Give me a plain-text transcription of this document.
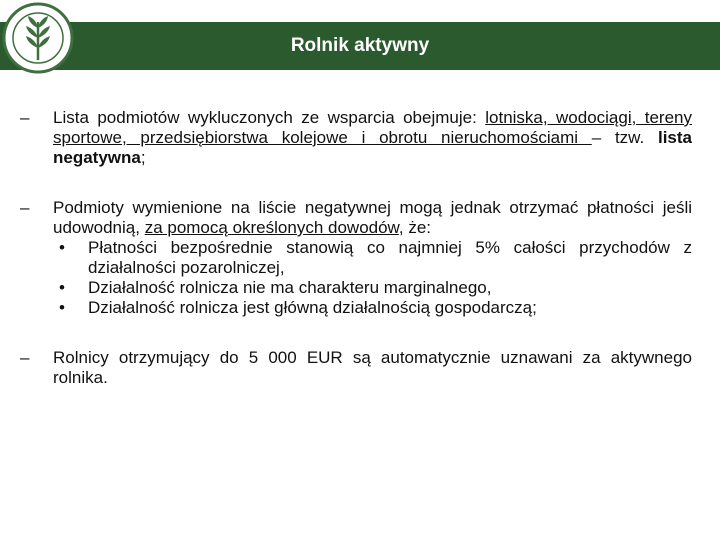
Rolnik aktywny
– Lista podmiotów wykluczonych ze wsparcia obejmuje: lotniska, wodociągi, tereny sportowe, przedsiębiorstwa kolejowe i obrotu nieruchomościami – tzw. lista negatywna;

– Podmioty wymienione na liście negatywnej mogą jednak otrzymać płatności jeśli udowodnią, za pomocą określonych dowodów, że:

• Płatności bezpośrednie stanowią co najmniej 5% całości przychodów z działalności pozarolniczej,
• Działalność rolnicza nie ma charakteru marginalnego,
• Działalność rolnicza jest główną działalnością gospodarczą;
– Rolnicy otrzymujący do 5 000 EUR są automatycznie uznawani za aktywnego rolnika.
